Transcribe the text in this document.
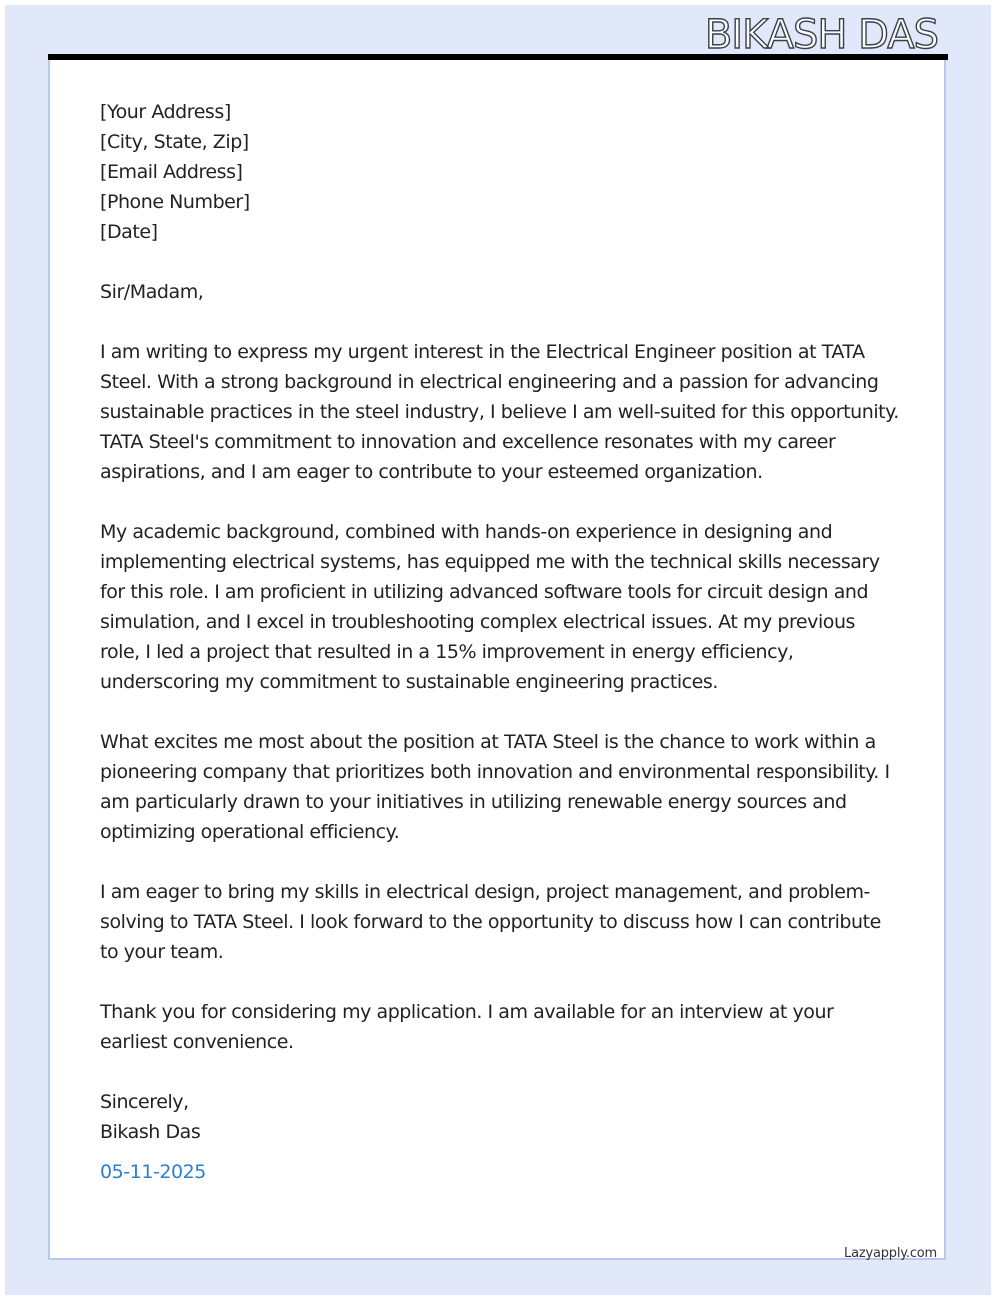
BIKASH DAS

[Your Address]
[City, State, Zip]
[Email Address]
[Phone Number]
[Date]

Sir/Madam,

I am writing to express my urgent interest in the Electrical Engineer position at TATA Steel. With a strong background in electrical engineering and a passion for advancing sustainable practices in the steel industry, I believe I am well-suited for this opportunity. TATA Steel's commitment to innovation and excellence resonates with my career aspirations, and I am eager to contribute to your esteemed organization.

My academic background, combined with hands-on experience in designing and implementing electrical systems, has equipped me with the technical skills necessary for this role. I am proficient in utilizing advanced software tools for circuit design and simulation, and I excel in troubleshooting complex electrical issues. At my previous role, I led a project that resulted in a 15% improvement in energy efficiency, underscoring my commitment to sustainable engineering practices.

What excites me most about the position at TATA Steel is the chance to work within a pioneering company that prioritizes both innovation and environmental responsibility. I am particularly drawn to your initiatives in utilizing renewable energy sources and optimizing operational efficiency.

I am eager to bring my skills in electrical design, project management, and problem-solving to TATA Steel. I look forward to the opportunity to discuss how I can contribute to your team.

Thank you for considering my application. I am available for an interview at your earliest convenience.

Sincerely,
Bikash Das
05-11-2025

Lazyapply.com
